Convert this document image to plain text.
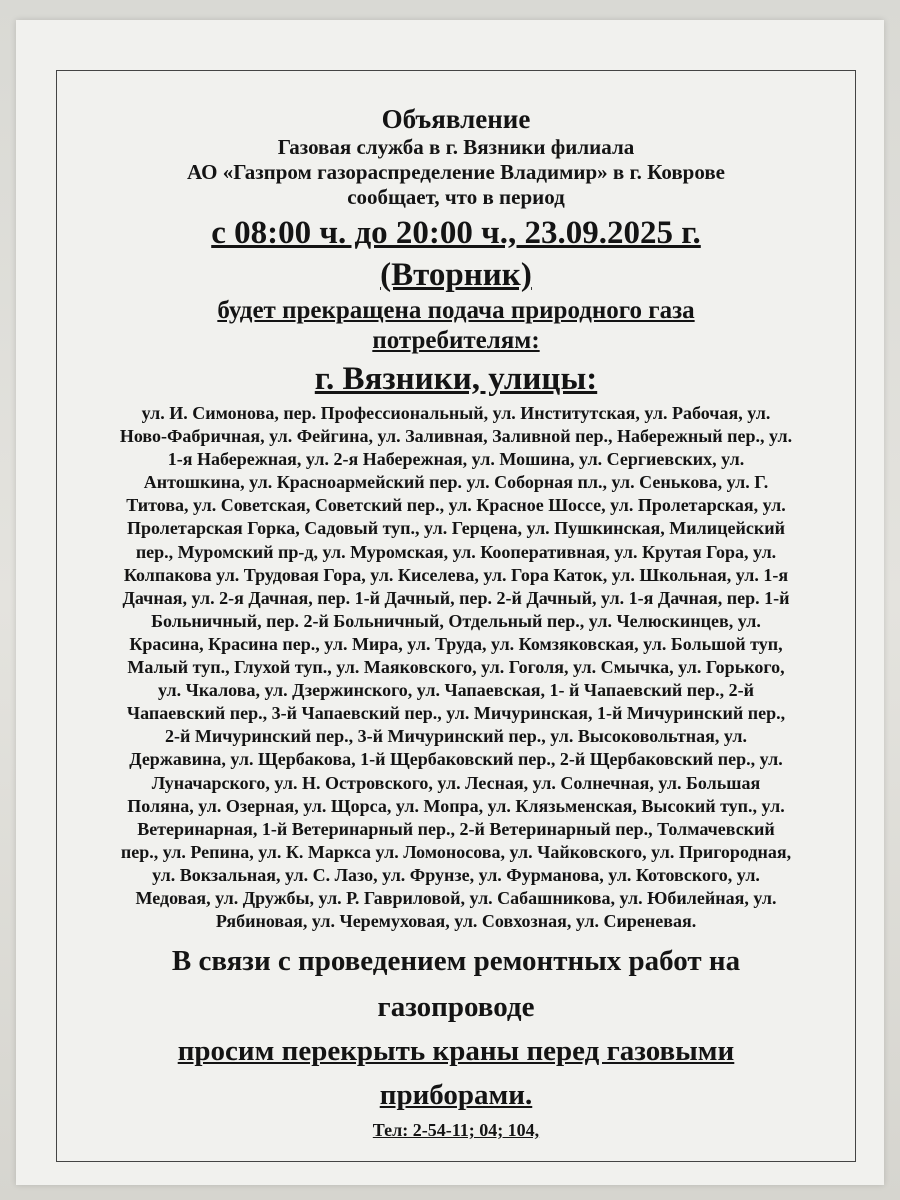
Объявление
Газовая служба в г. Вязники филиала
АО «Газпром газораспределение Владимир» в г. Коврове
сообщает, что в период
с 08:00 ч. до 20:00 ч., 23.09.2025 г.
(Вторник)
будет прекращена подача природного газа
потребителям:
г. Вязники, улицы:
ул. И. Симонова, пер. Профессиональный, ул. Институтская, ул. Рабочая, ул.
Ново-Фабричная, ул. Фейгина, ул. Заливная, Заливной пер., Набережный пер., ул.
1-я Набережная, ул. 2-я Набережная, ул. Мошина, ул. Сергиевских, ул.
Антошкина, ул. Красноармейский пер. ул. Соборная пл., ул. Сенькова, ул. Г.
Титова, ул. Советская, Советский пер., ул. Красное Шоссе, ул. Пролетарская, ул.
Пролетарская Горка, Садовый туп., ул. Герцена, ул. Пушкинская, Милицейский
пер., Муромский пр-д, ул. Муромская, ул. Кооперативная, ул. Крутая Гора, ул.
Колпакова ул. Трудовая Гора, ул. Киселева, ул. Гора Каток, ул. Школьная, ул. 1-я
Дачная, ул. 2-я Дачная, пер. 1-й Дачный, пер. 2-й Дачный, ул. 1-я Дачная, пер. 1-й
Больничный, пер. 2-й Больничный, Отдельный пер., ул. Челюскинцев, ул.
Красина, Красина пер., ул. Мира, ул. Труда, ул. Комзяковская, ул. Большой туп,
Малый туп., Глухой туп., ул. Маяковского, ул. Гоголя, ул. Смычка, ул. Горького,
ул. Чкалова, ул. Дзержинского, ул. Чапаевская, 1- й Чапаевский пер., 2-й
Чапаевский пер., 3-й Чапаевский пер., ул. Мичуринская, 1-й Мичуринский пер.,
2-й Мичуринский пер., 3-й Мичуринский пер., ул. Высоковольтная, ул.
Державина, ул. Щербакова, 1-й Щербаковский пер., 2-й Щербаковский пер., ул.
Луначарского, ул. Н. Островского, ул. Лесная, ул. Солнечная, ул. Большая
Поляна, ул. Озерная, ул. Щорса, ул. Мопра, ул. Клязьменская, Высокий туп., ул.
Ветеринарная, 1-й Ветеринарный пер., 2-й Ветеринарный пер., Толмачевский
пер., ул. Репина, ул. К. Маркса ул. Ломоносова, ул. Чайковского, ул. Пригородная,
ул. Вокзальная, ул. С. Лазо, ул. Фрунзе, ул. Фурманова, ул. Котовского, ул.
Медовая, ул. Дружбы, ул. Р. Гавриловой, ул. Сабашникова, ул. Юбилейная, ул.
Рябиновая, ул. Черемуховая, ул. Совхозная, ул. Сиреневая.
В связи с проведением ремонтных работ на
газопроводе
просим перекрыть краны перед газовыми
приборами.
Тел: 2-54-11; 04; 104,
